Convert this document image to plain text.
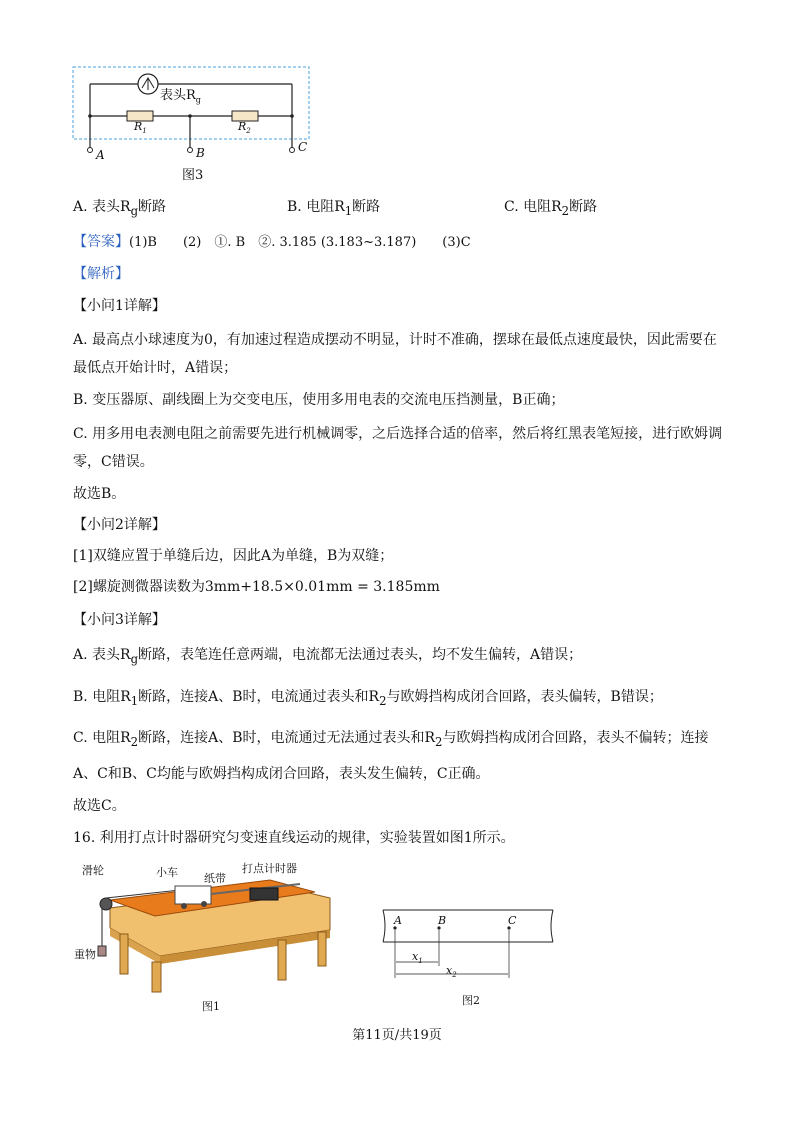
表头$R_g$
$R_1$	$R_2$
A	B	C
图3
A. 表头$R_g$断路	B. 电阻$R_1$断路	C. 电阻$R_2$断路
【答案】(1)B　　(2)　①. B　②. 3.185 (3.183~3.187)　　(3)C
【解析】
【小问1详解】
A. 最高点小球速度为0，有加速过程造成摆动不明显，计时不准确，摆球在最低点速度最快，因此需要在最低点开始计时，A错误；
B. 变压器原、副线圈上为交变电压，使用多用电表的交流电压挡测量，B正确；
C. 用多用电表测电阻之前需要先进行机械调零，之后选择合适的倍率，然后将红黑表笔短接，进行欧姆调零，C错误。
故选B。
【小问2详解】
[1]双缝应置于单缝后边，因此A为单缝，B为双缝；
[2]螺旋测微器读数为3mm+18.5×0.01mm = 3.185mm
【小问3详解】
A. 表头$R_g$断路，表笔连任意两端，电流都无法通过表头，均不发生偏转，A错误；
B. 电阻$R_1$断路，连接A、B时，电流通过表头和$R_2$与欧姆挡构成闭合回路，表头偏转，B错误；
C. 电阻$R_2$断路，连接A、B时，电流通过无法通过表头和$R_2$与欧姆挡构成闭合回路，表头不偏转；连接
A、C和B、C均能与欧姆挡构成闭合回路，表头发生偏转，C正确。
故选C。
16. 利用打点计时器研究匀变速直线运动的规律，实验装置如图1所示。
滑轮	小车 纸带
打点计时器
重物
图1
A	B	C
$x_1$
$x_2$
图2
第11页/共19页
